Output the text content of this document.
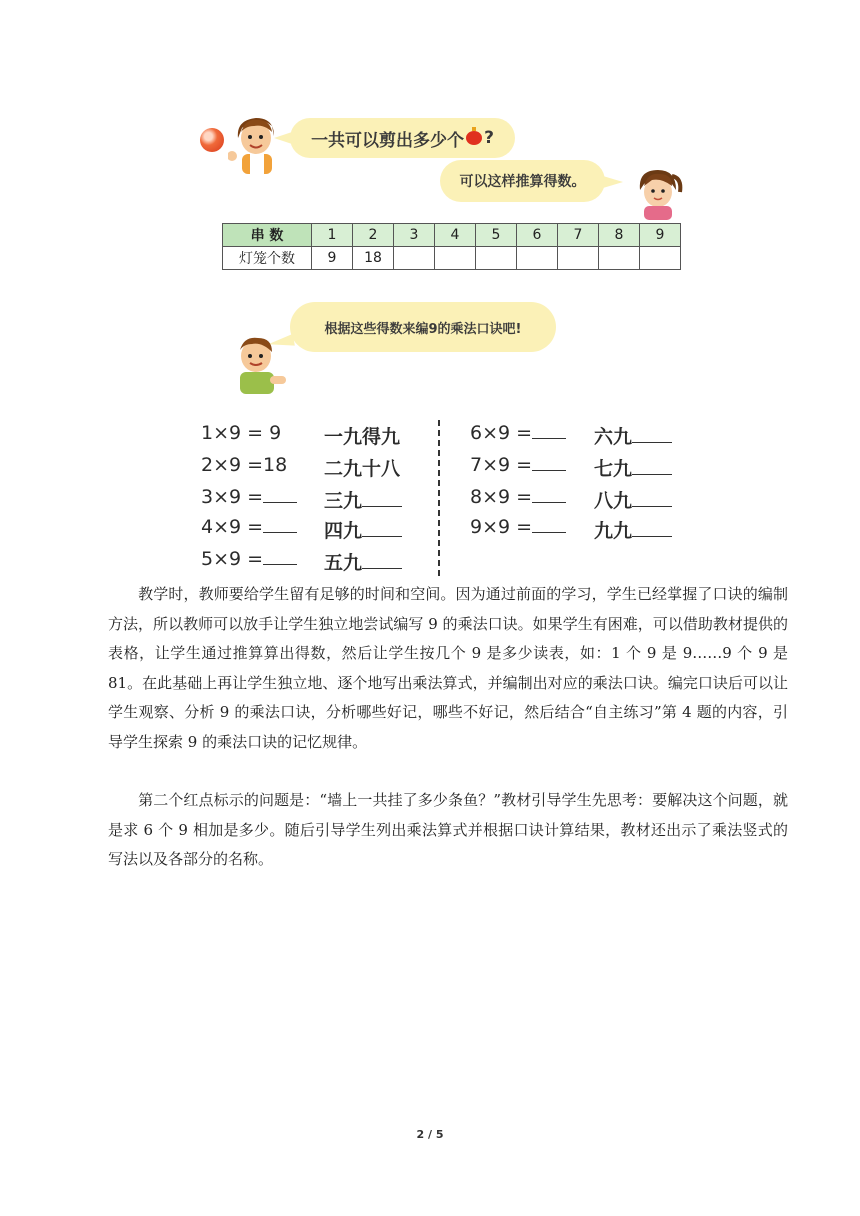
一共可以剪出多少个 ?
可以这样推算得数。
串 数	1	2	3	4	5	6	7	8	9
灯笼个数	9	18							
根据这些得数来编9的乘法口诀吧!
1×9 = 9 一九得九
2×9 =18 二九十八
3×9 =	三九
4×9 =	四九
5×9 =	五九
6×9 =	六九
7×9 =	七九
8×9 =	八九
9×9 =	九九

  教学时，教师要给学生留有足够的时间和空间。因为通过前面的学习，学生已经掌握了口诀的编制方法，所以教师可以放手让学生独立地尝试编写 9 的乘法口诀。如果学生有困难，可以借助教材提供的表格，让学生通过推算算出得数，然后让学生按几个 9 是多少读表，如：1 个 9 是 9……9 个 9 是 81。在此基础上再让学生独立地、逐个地写出乘法算式，并编制出对应的乘法口诀。编完口诀后可以让学生观察、分析 9 的乘法口诀，分析哪些好记，哪些不好记，然后结合“自主练习”第 4 题的内容，引导学生探索 9 的乘法口诀的记忆规律。

  第二个红点标示的问题是：“墙上一共挂了多少条鱼？”教材引导学生先思考：要解决这个问题，就是求 6 个 9 相加是多少。随后引导学生列出乘法算式并根据口诀计算结果，教材还出示了乘法竖式的写法以及各部分的名称。

2 / 5
